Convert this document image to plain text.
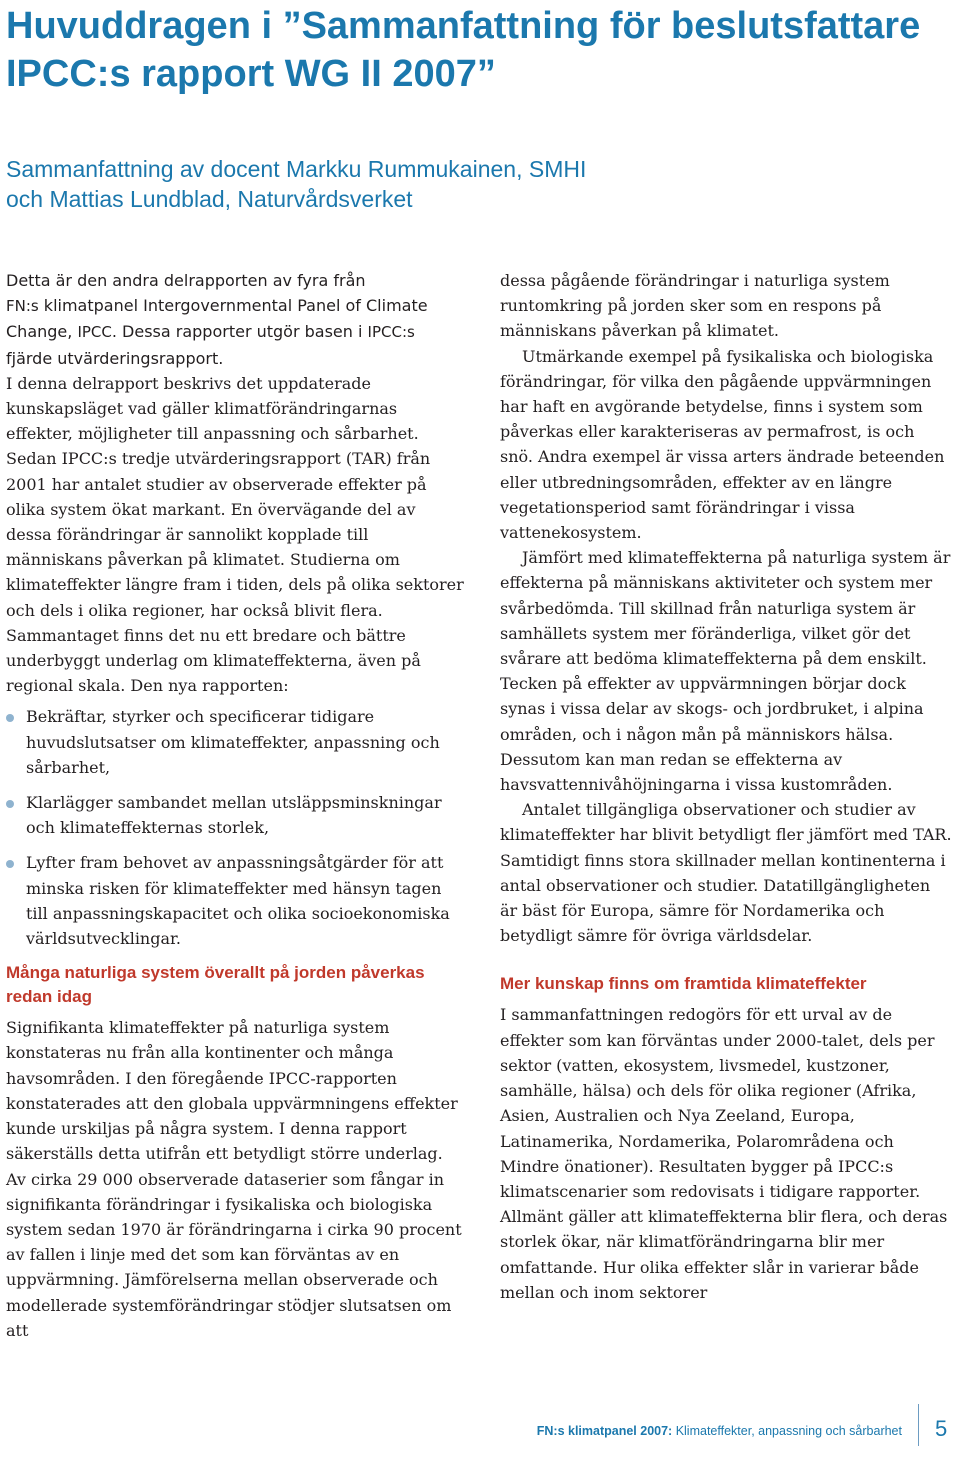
Huvuddragen i ”Sammanfattning för beslutsfattare IPCC:s rapport WG II 2007”
Sammanfattning av docent Markku Rummukainen, SMHI
och Mattias Lundblad, Naturvårdsverket

Detta är den andra delrapporten av fyra från
FN:s klimatpanel Intergovernmental Panel of Climate Change, IPCC. Dessa rapporter utgör basen i IPCC:s fjärde utvärderingsrapport.

I denna delrapport beskrivs det uppdaterade kunskapsläget vad gäller klimatförändringarnas effekter, möjligheter till anpassning och sårbarhet. Sedan IPCC:s tredje utvärderingsrapport (TAR) från 2001 har antalet studier av observerade effekter på olika system ökat markant. En övervägande del av dessa förändringar är sannolikt kopplade till människans påverkan på klimatet. Studierna om klimateffekter längre fram i tiden, dels på olika sektorer och dels i olika regioner, har också blivit flera. Sammantaget finns det nu ett bredare och bättre underbyggt underlag om klimateffekterna, även på regional skala. Den nya rapporten:

Bekräftar, styrker och specificerar tidigare huvudslutsatser om klimateffekter, anpassning och sårbarhet,
Klarlägger sambandet mellan utsläppsminskningar och klimateffekternas storlek,
Lyfter fram behovet av anpassningsåtgärder för att minska risken för klimateffekter med hänsyn tagen till anpassningskapacitet och olika socioekonomiska världsutvecklingar.
Många naturliga system överallt på jorden påverkas redan idag

Signifikanta klimateffekter på naturliga system konstateras nu från alla kontinenter och många havsområden. I den föregående IPCC-rapporten konstaterades att den globala uppvärmningens effekter kunde urskiljas på några system. I denna rapport säkerställs detta utifrån ett betydligt större underlag. Av cirka 29 000 observerade dataserier som fångar in signifikanta förändringar i fysikaliska och biologiska system sedan 1970 är förändringarna i cirka 90 procent av fallen i linje med det som kan förväntas av en uppvärmning. Jämförelserna mellan observerade och modellerade systemförändringar stödjer slutsatsen om att

dessa pågående förändringar i naturliga system runtomkring på jorden sker som en respons på människans påverkan på klimatet.

Utmärkande exempel på fysikaliska och biologiska förändringar, för vilka den pågående uppvärmningen har haft en avgörande betydelse, finns i system som påverkas eller karakteriseras av permafrost, is och snö. Andra exempel är vissa arters ändrade beteenden eller utbredningsområden, effekter av en längre vegetationsperiod samt förändringar i vissa vattenekosystem.

Jämfört med klimateffekterna på naturliga system är effekterna på människans aktiviteter och system mer svårbedömda. Till skillnad från naturliga system är samhällets system mer föränderliga, vilket gör det svårare att bedöma klimateffekterna på dem enskilt. Tecken på effekter av uppvärmningen börjar dock synas i vissa delar av skogs- och jordbruket, i alpina områden, och i någon mån på människors hälsa. Dessutom kan man redan se effekterna av havsvattennivåhöjningarna i vissa kustområden.

Antalet tillgängliga observationer och studier av klimateffekter har blivit betydligt fler jämfört med TAR. Samtidigt finns stora skillnader mellan kontinenterna i antal observationer och studier. Datatillgängligheten är bäst för Europa, sämre för Nordamerika och betydligt sämre för övriga världsdelar.

Mer kunskap finns om framtida klimateffekter

I sammanfattningen redogörs för ett urval av de effekter som kan förväntas under 2000-talet, dels per sektor (vatten, ekosystem, livsmedel, kustzoner, samhälle, hälsa) och dels för olika regioner (Afrika, Asien, Australien och Nya Zeeland, Europa, Latinamerika, Nordamerika, Polarområdena och Mindre önationer). Resultaten bygger på IPCC:s klimatscenarier som redovisats i tidigare rapporter. Allmänt gäller att klimateffekterna blir flera, och deras storlek ökar, när klimatförändringarna blir mer omfattande. Hur olika effekter slår in varierar både mellan och inom sektorer

FN:s klimatpanel 2007: Klimateffekter, anpassning och sårbarhet 5
